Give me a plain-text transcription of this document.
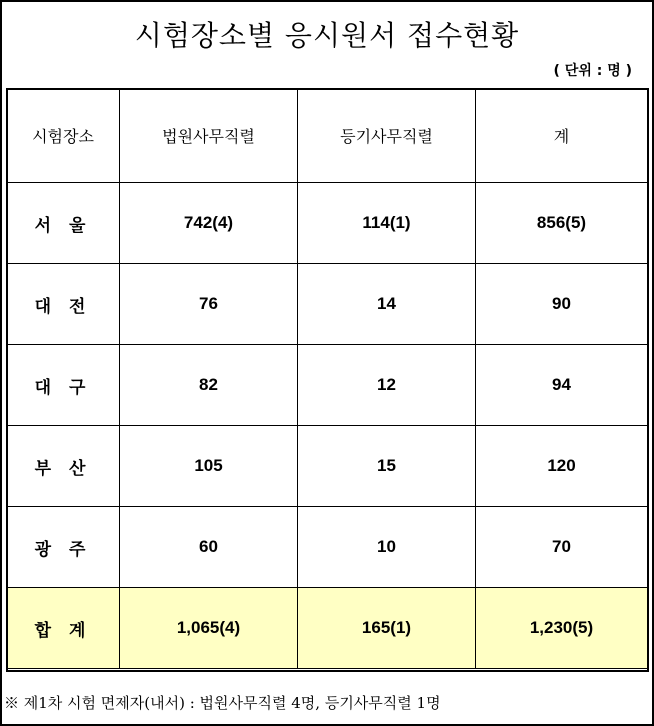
시험장소별 응시원서 접수현황
( 단위 : 명 )
시험장소	법원사무직렬	등기사무직렬	계
서 울	742(4)	114(1)	856(5)
대 전	76	14	90
대 구	82	12	94
부 산	105	15	120
광 주	60	10	70
합 계	1,065(4)	165(1)	1,230(5)
※ 제1차 시험 면제자(내서) : 법원사무직렬 4명, 등기사무직렬 1명
